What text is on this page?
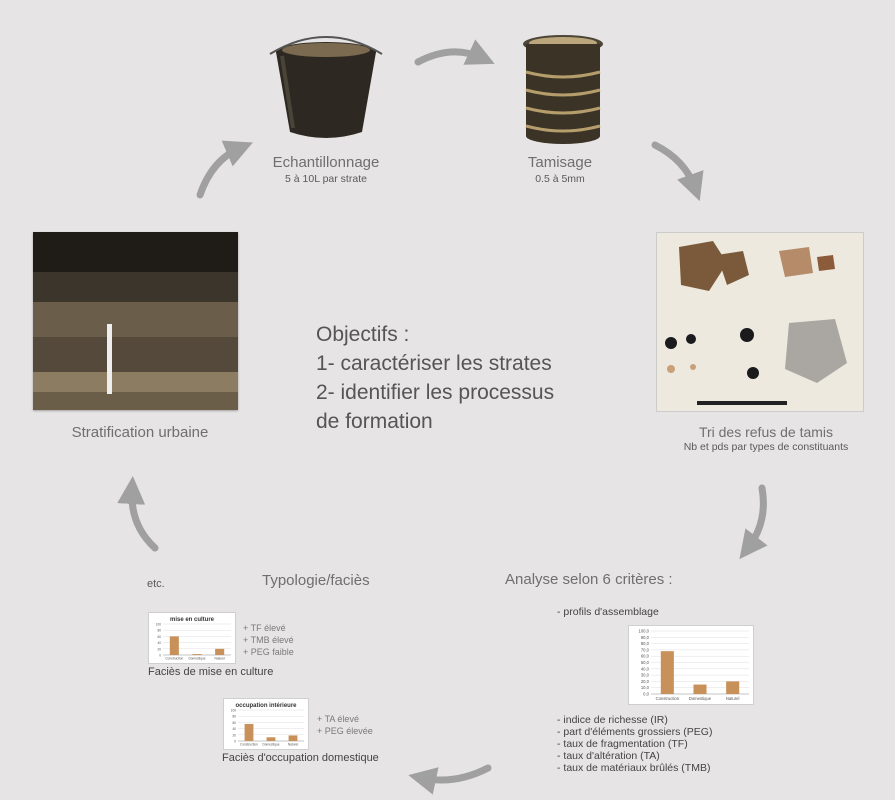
Echantillonnage
5 à 10L par strate
Tamisage
0.5 à 5mm
Stratification urbaine	Tri des refus de tamis
Nb et pds par types de constituants
Objectifs :
1- caractériser les strates
2- identifier les processus
de formation
Analyse selon 6 critères :
- profils d'assemblage
100,0
90,0
80,0
70,0
60,0
50,0
40,0
30,0
20,0
10,0
0,0
Construction Domestique	Naturel
- indice de richesse (IR)
- part d'éléments grossiers (PEG)
- taux de fragmentation (TF)
- taux d'altération (TA)
- taux de matériaux brûlés (TMB)
Typologie/faciès
etc.
mise en culture
100
80
60
40
20
0
Construction Domestique	Naturel
+ TF élevé
+ TMB élevé
+ PEG faible
Faciès de mise en culture
occupation intérieure
100
80
60
40
20
0
Construction Domestique	Naturel
+ TA élevé
+ PEG élevée
Faciès d'occupation domestique
